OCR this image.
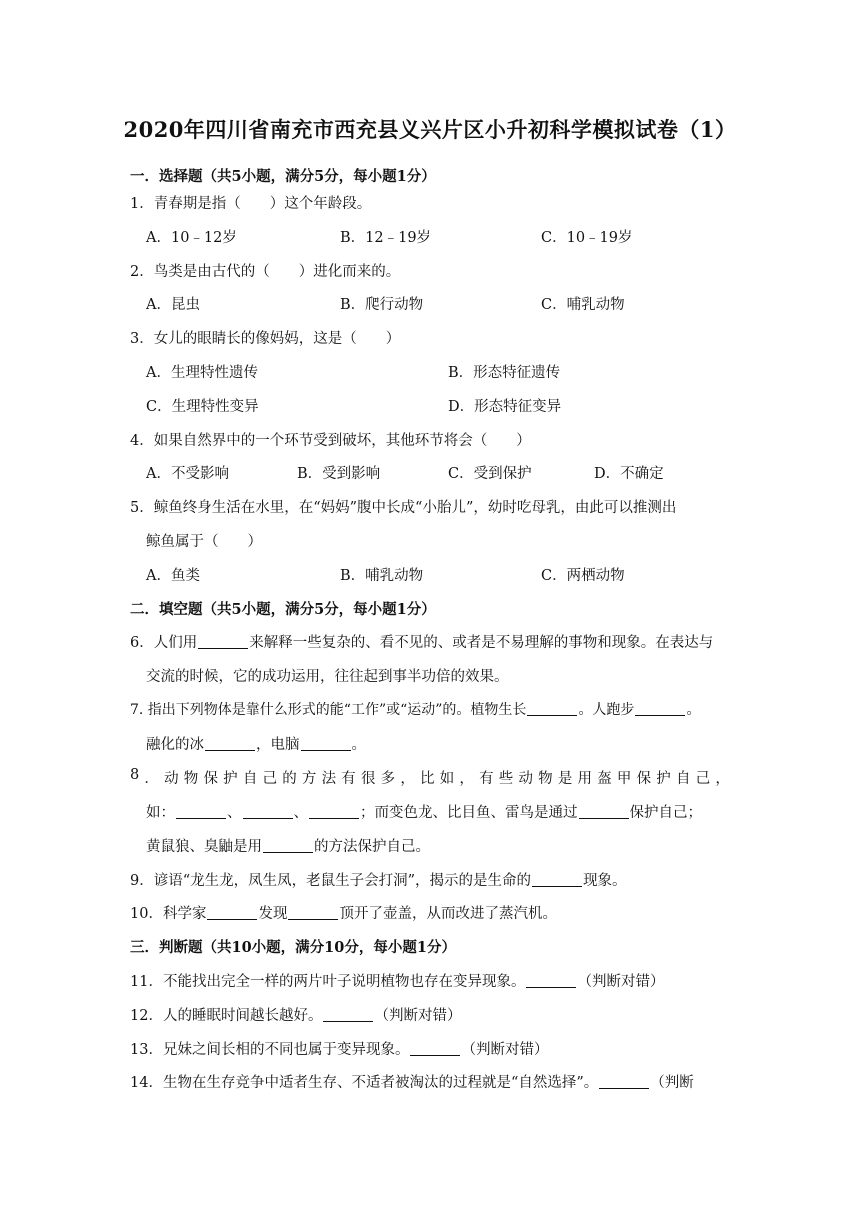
2020年四川省南充市西充县义兴片区小升初科学模拟试卷（1）
一．选择题（共5小题，满分5分，每小题1分）
1．青春期是指（　　）这个年龄段。
A．10﹣12岁	B．12﹣19岁	C．10﹣19岁
2．鸟类是由古代的（　　）进化而来的。
A．昆虫	B．爬行动物	C．哺乳动物
3．女儿的眼睛长的像妈妈，这是（　　）
A．生理特性遗传	B．形态特征遗传
C．生理特性变异	D．形态特征变异
4．如果自然界中的一个环节受到破坏，其他环节将会（　　）
A．不受影响	B．受到影响	C．受到保护	D．不确定
5．鲸鱼终身生活在水里，在“妈妈”腹中长成“小胎儿”，幼时吃母乳，由此可以推测出
鲸鱼属于（　　）
A．鱼类	B．哺乳动物	C．两栖动物
二．填空题（共5小题，满分5分，每小题1分）
6．人们用	来解释一些复杂的、看不见的、或者是不易理解的事物和现象。在表达与
交流的时候，它的成功运用，往往起到事半功倍的效果。
7. 指出下列物体是靠什么形式的能“工作”或“运动”的。植物生长	。人跑步	。
融化的冰	，电脑	。
8 ． 动 物 保 护 自 己 的 方 法 有 很 多 ， 比 如 ， 有 些 动 物 是 用 盔 甲 保 护 自 己 ，
如：	、	、	；而变色龙、比目鱼、雷鸟是通过	保护自己；
黄鼠狼、臭鼬是用	的方法保护自己。
9．谚语“龙生龙，凤生凤，老鼠生子会打洞”，揭示的是生命的	现象。
10．科学家	发现	顶开了壶盖，从而改进了蒸汽机。
三．判断题（共10小题，满分10分，每小题1分）
11．不能找出完全一样的两片叶子说明植物也存在变异现象。	（判断对错）
12．人的睡眠时间越长越好。	（判断对错）
13．兄妹之间长相的不同也属于变异现象。	（判断对错）
14．生物在生存竞争中适者生存、不适者被淘汰的过程就是“自然选择”。	（判断
